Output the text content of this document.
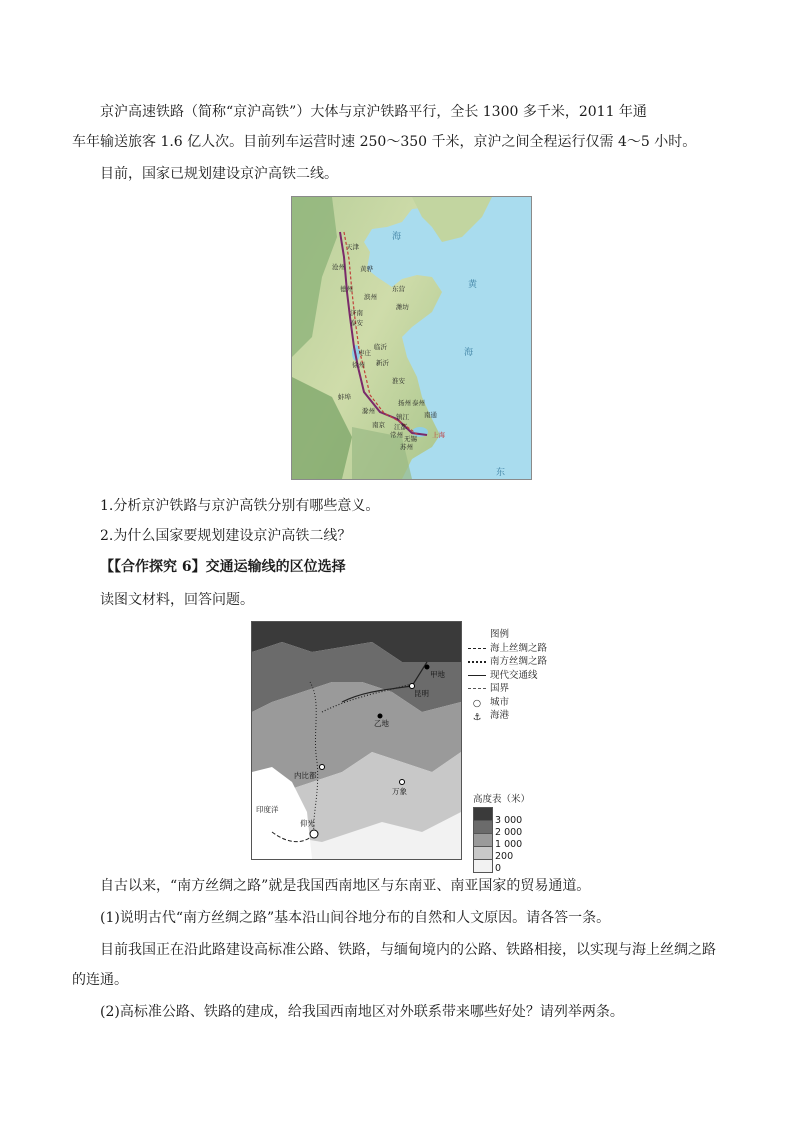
京沪高速铁路（简称“京沪高铁”）大体与京沪铁路平行，全长 1300 多千米，2011 年通
车年输送旅客 1.6 亿人次。目前列车运营时速 250～350 千米，京沪之间全程运行仅需 4～5 小时。
目前，国家已规划建设京沪高铁二线。
海
黄
海
东
天津
沧州 黄骅
德州	东营
滨州
潍坊
济南
泰安
临沂
枣庄
新沂
徐州
淮安
蚌埠
扬州 泰州
滁州
镇江 南通
南京 江都
常州 无锡
苏州
上海
1.分析京沪铁路与京沪高铁分别有哪些意义。
2.为什么国家要规划建设京沪高铁二线？
【【合作探究 6】交通运输线的区位选择
读图文材料，回答问题。
甲地
昆明
乙地
内比都
万象
仰光
印度洋
图例
海上丝绸之路
南方丝绸之路
现代交通线
国界
○ 城市
⚓ 海港
高度表（米）
3 000
2 000
1 000
200
0
自古以来，“南方丝绸之路”就是我国西南地区与东南亚、南亚国家的贸易通道。
(1)说明古代“南方丝绸之路”基本沿山间谷地分布的自然和人文原因。请各答一条。
目前我国正在沿此路建设高标准公路、铁路，与缅甸境内的公路、铁路相接，以实现与海上丝绸之路
的连通。
(2)高标准公路、铁路的建成，给我国西南地区对外联系带来哪些好处？请列举两条。
